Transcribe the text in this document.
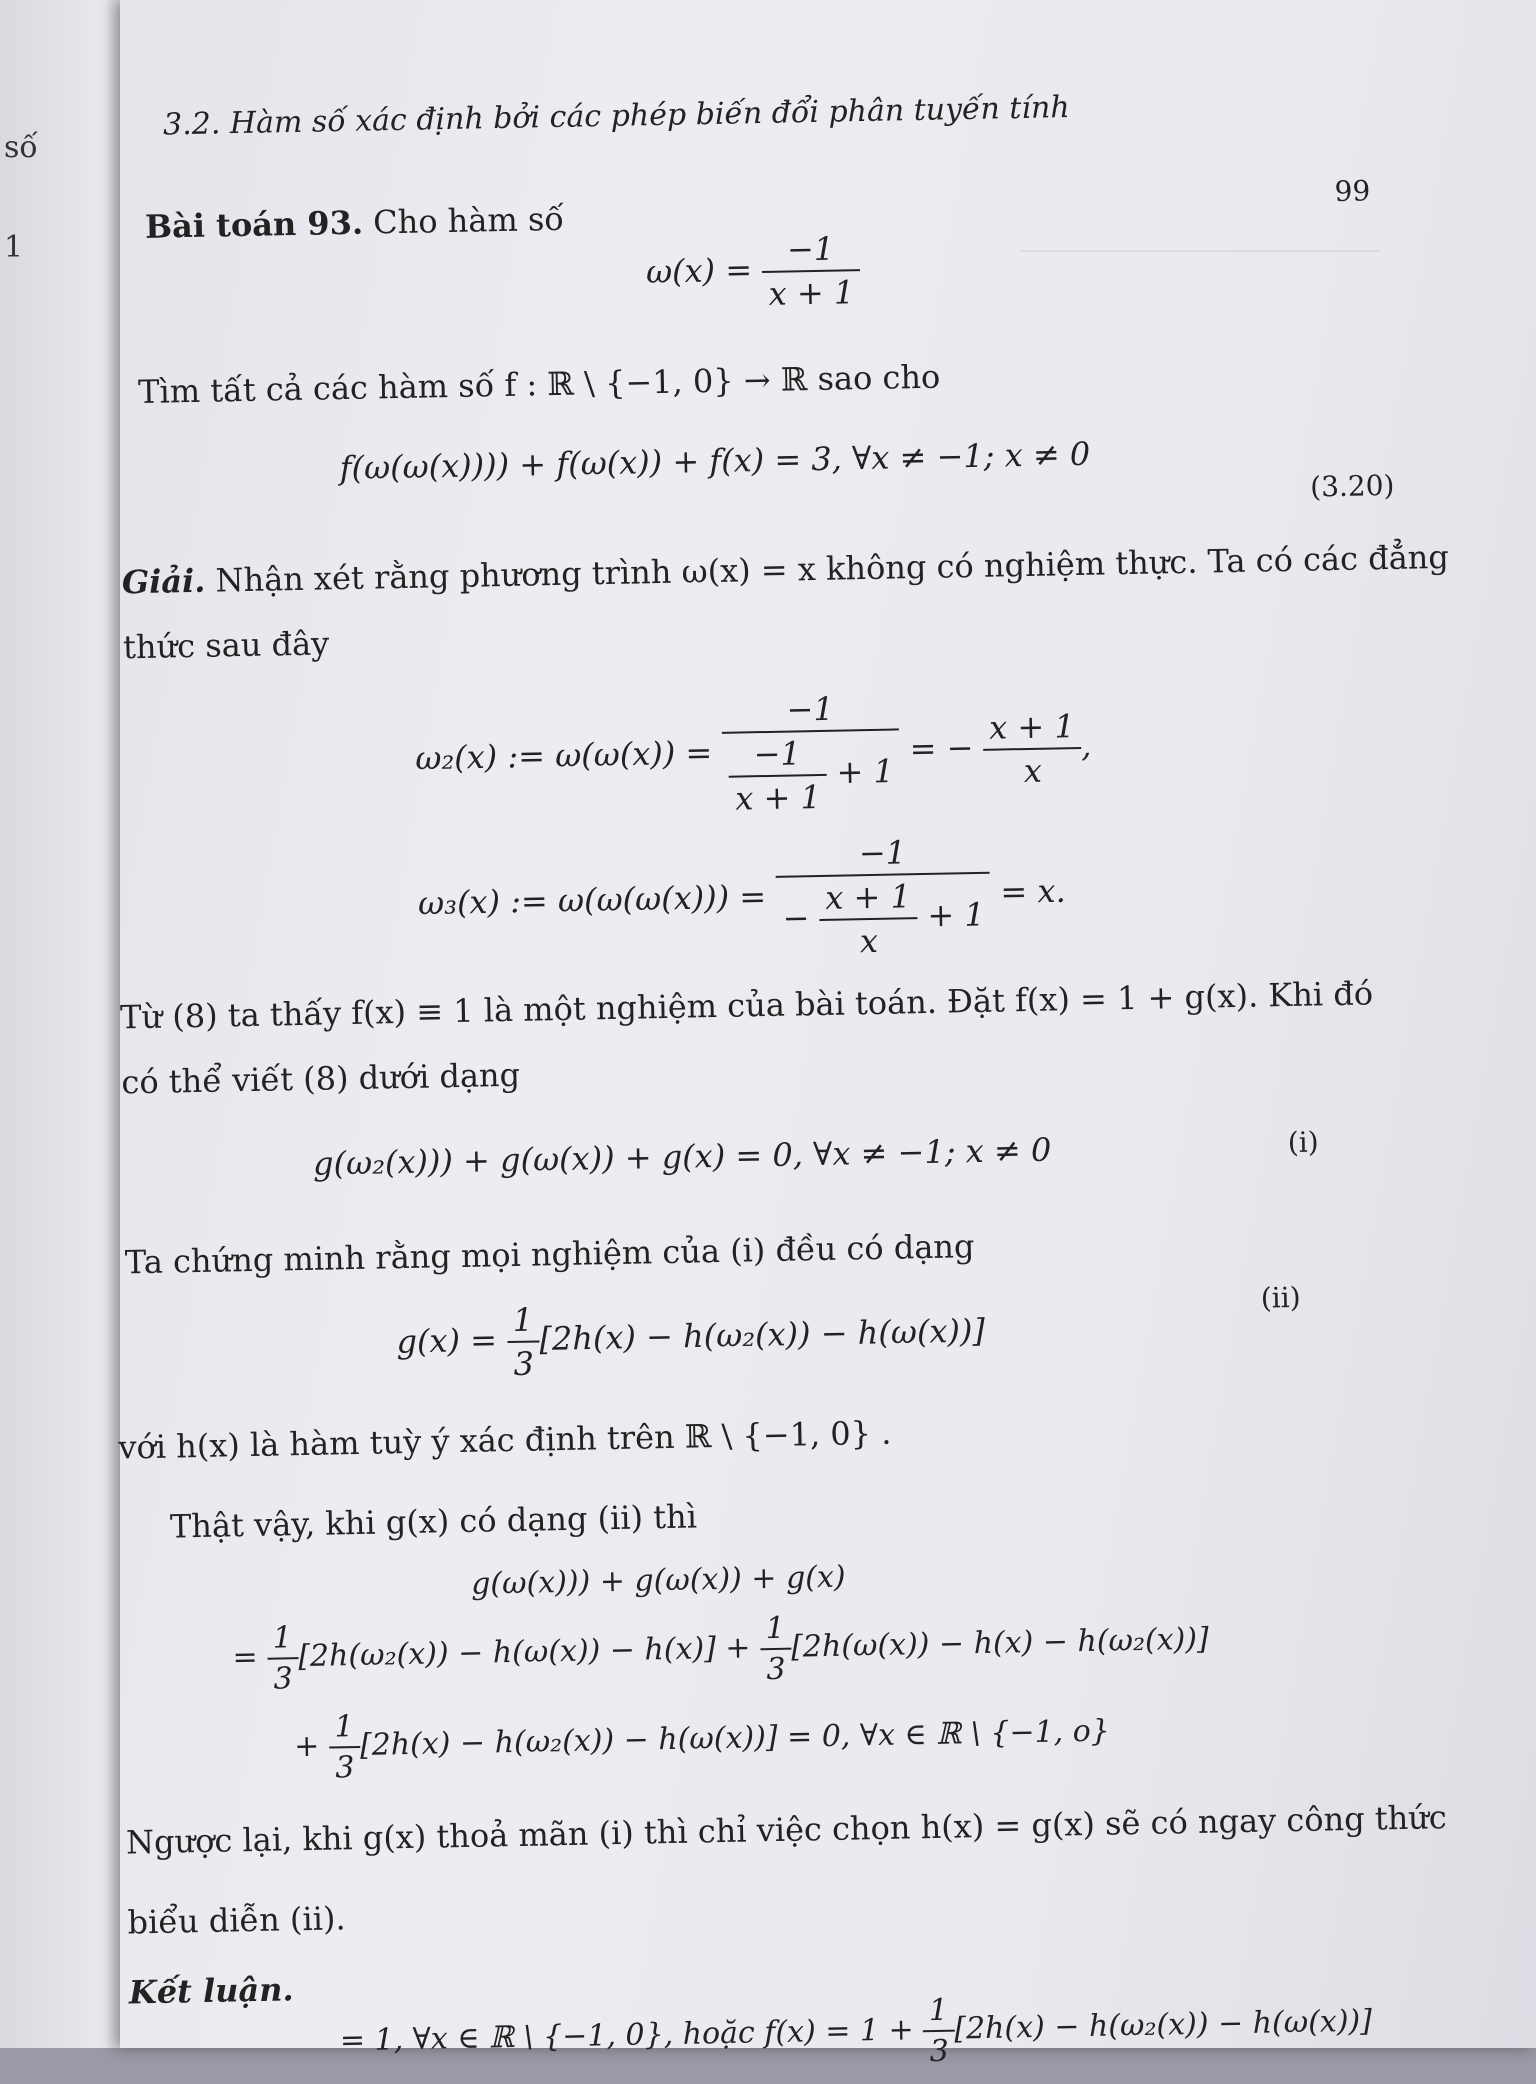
số
1
3.2. Hàm số xác định bởi các phép biến đổi phân tuyến tính
99
Bài toán 93. Cho hàm số
$\omega(x) = \frac{-1}{x + 1}$
Tìm tất cả các hàm số f : ℝ \ {−1, 0} → ℝ sao cho
f(ω(ω(x)))) + f(ω(x)) + f(x) = 3, ∀x ≠ −1; x ≠ 0	(3.20)
Giải. Nhận xét rằng phương trình ω(x) = x không có nghiệm thực. Ta có các đẳng
thức sau đây
ω₂(x) := $\omega(\omega(x)) = \frac{-1}{\frac{-1}{x + 1} + 1}$ = − $\frac{x + 1}{x}$
,
ω₃(x) := ω(ω(ω(x))) =
−1
− $\frac{x + 1}{x} + 1$
= x.
Từ (8) ta thấy f(x) ≡ 1 là một nghiệm của bài toán. Đặt f(x) = 1 + g(x). Khi đó
có thể viết (8) dưới dạng
g(ω₂(x))) + g(ω(x)) + g(x) = 0, ∀x ≠ −1; x ≠ 0	(i)
Ta chứng minh rằng mọi nghiệm của (i) đều có dạng
$g(x) = \frac{1}{3}$
[2h(x) − h(ω₂(x)) − h(ω(x))]
(ii)
với h(x) là hàm tuỳ ý xác định trên ℝ \ {−1, 0} .
Thật vậy, khi g(x) có dạng (ii) thì
g(ω(x))) + g(ω(x)) + g(x)
= $\frac{1}{3}$
$[2h(\omega_2(x)) - h(\omega(x)) - h(x)] + \frac{1}{3}$
[2h(ω(x)) − h(x) − h(ω₂(x))]
+ $\frac{1}{3}$
[2h(x) − h(ω₂(x)) − h(ω(x))] = 0, ∀x ∈ ℝ \ {−1, o}
Ngược lại, khi g(x) thoả mãn (i) thì chỉ việc chọn h(x) = g(x) sẽ có ngay công thức
biểu diễn (ii).
Kết luận.
= 1, ∀x ∈ ℝ \ {−1, 0}, hoặc $f(x) = 1 + \frac{1}{3}$
[2h(x) − h(ω₂(x)) − h(ω(x))]
